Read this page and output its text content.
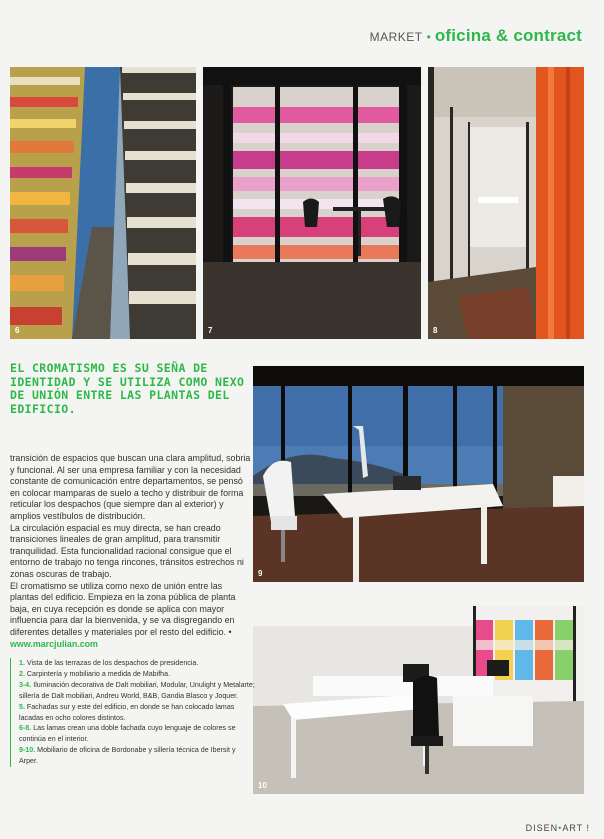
MARKET • oficina & contract
6	7	8
EL CROMATISMO ES SU SEÑA DE IDENTIDAD Y SE UTILIZA COMO NEXO DE UNIÓN ENTRE LAS PLANTAS DEL EDIFICIO.
9

transición de espacios que buscan una clara amplitud, sobria y funcional. Al ser una empresa familiar y con la necesidad constante de comunicación entre departamentos, se pensó en colocar mamparas de suelo a techo y distribuir de forma reticular los despachos (que siempre dan al exterior) y amplios vestíbulos de distribución.

La circulación espacial es muy directa, se han creado transiciones lineales de gran amplitud, para transmitir tranquilidad. Esta funcionalidad racional consigue que el entorno de trabajo no tenga rincones, tránsitos estrechos ni zonas oscuras de trabajo.

El cromatismo se utiliza como nexo de unión entre las plantas del edificio. Empieza en la zona pública de planta baja, en cuya recepción es donde se aplica con mayor influencia para dar la bienvenida, y se va disgregando en diferentes detalles y materiales por el resto del edificio. • www.marcjulian.com

10

1. Vista de las terrazas de los despachos de presidencia.

2. Carpintería y mobiliario a medida de Mabifha.

3-4. Iluminación decorativa de Dalt mobiliari, Modular, Unulight y Metalarte; sillería de Dalt mobiliari, Andreu World, B&B, Gandia Blasco y Joquer.

5. Fachadas sur y este del edificio, en donde se han colocado lamas lacadas en ocho colores distintos.

6-8. Las lamas crean una doble fachada cuyo lenguaje de colores se continúa en el interior.

9-10. Mobiliario de oficina de Bordonabe y sillería técnica de Ibersit y Arper.

DISEN•ART !
